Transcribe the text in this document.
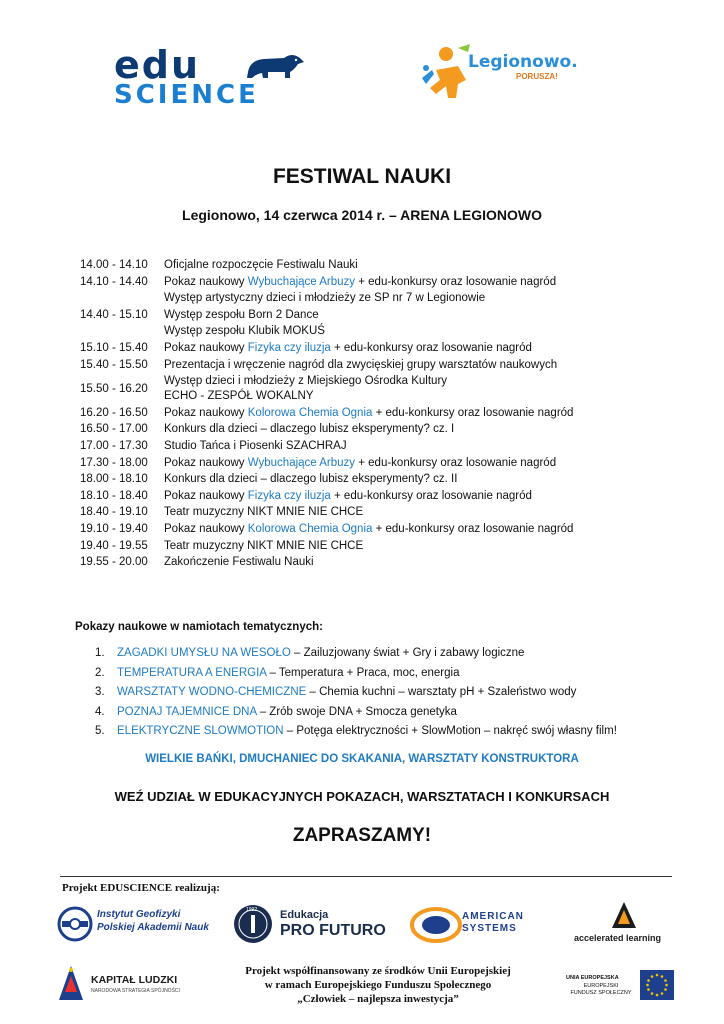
edu
SCIENCE
Legionowo.
PORUSZA!
FESTIWAL NAUKI
Legionowo, 14 czerwca 2014 r. – ARENA LEGIONOWO
14.00 - 14.10	Oficjalne rozpoczęcie Festiwalu Nauki
14.10 - 14.40	Pokaz naukowy Wybuchające Arbuzy + edu-konkursy oraz losowanie nagród
Występ artystyczny dzieci i młodzieży ze SP nr 7 w Legionowie
14.40 - 15.10	Występ zespołu Born 2 Dance
Występ zespołu Klubik MOKUŚ
15.10 - 15.40	Pokaz naukowy Fizyka czy iluzja + edu-konkursy oraz losowanie nagród
15.40 - 15.50	Prezentacja i wręczenie nagród dla zwycięskiej grupy warsztatów naukowych
15.50 - 16.20
Występ dzieci i młodzieży z Miejskiego Ośrodka Kultury
ECHO - ZESPÓŁ WOKALNY
16.20 - 16.50	Pokaz naukowy Kolorowa Chemia Ognia + edu-konkursy oraz losowanie nagród
16.50 - 17.00	Konkurs dla dzieci – dlaczego lubisz eksperymenty? cz. I
17.00 - 17.30	Studio Tańca i Piosenki SZACHRAJ
17.30 - 18.00	Pokaz naukowy Wybuchające Arbuzy + edu-konkursy oraz losowanie nagród
18.00 - 18.10	Konkurs dla dzieci – dlaczego lubisz eksperymenty? cz. II
18.10 - 18.40	Pokaz naukowy Fizyka czy iluzja + edu-konkursy oraz losowanie nagród
18.40 - 19.10	Teatr muzyczny NIKT MNIE NIE CHCE
19.10 - 19.40	Pokaz naukowy Kolorowa Chemia Ognia + edu-konkursy oraz losowanie nagród
19.40 - 19.55	Teatr muzyczny NIKT MNIE NIE CHCE
19.55 - 20.00	Zakończenie Festiwalu Nauki
Pokazy naukowe w namiotach tematycznych:
1.	ZAGADKI UMYSŁU NA WESOŁO – Zailuzjowany świat + Gry i zabawy logiczne
2.	TEMPERATURA A ENERGIA – Temperatura + Praca, moc, energia
3.	WARSZTATY WODNO-CHEMICZNE – Chemia kuchni – warsztaty pH + Szaleństwo wody
4.	POZNAJ TAJEMNICE DNA – Zrób swoje DNA + Smocza genetyka
5.	ELEKTRYCZNE SLOWMOTION – Potęga elektryczności + SlowMotion – nakręć swój własny film!
WIELKIE BAŃKI, DMUCHANIEC DO SKAKANIA, WARSZTATY KONSTRUKTORA
WEŹ UDZIAŁ W EDUKACYJNYCH POKAZACH, WARSZTATACH I KONKURSACH
ZAPRASZAMY!
Projekt EDUSCIENCE realizują:
Instytut Geofizyki
Polskiej Akademii Nauk
1992 Edukacja
PRO FUTURO
AMERICAN
SYSTEMS
accelerated learning
KAPITAŁ LUDZKI
NARODOWA STRATEGIA SPÓJNOŚCI
Projekt współfinansowany ze środków Unii Europejskiej
w ramach Europejskiego Funduszu Społecznego
„Człowiek – najlepsza inwestycja”
UNIA EUROPEJSKA
EUROPEJSKI
FUNDUSZ SPOŁECZNY
